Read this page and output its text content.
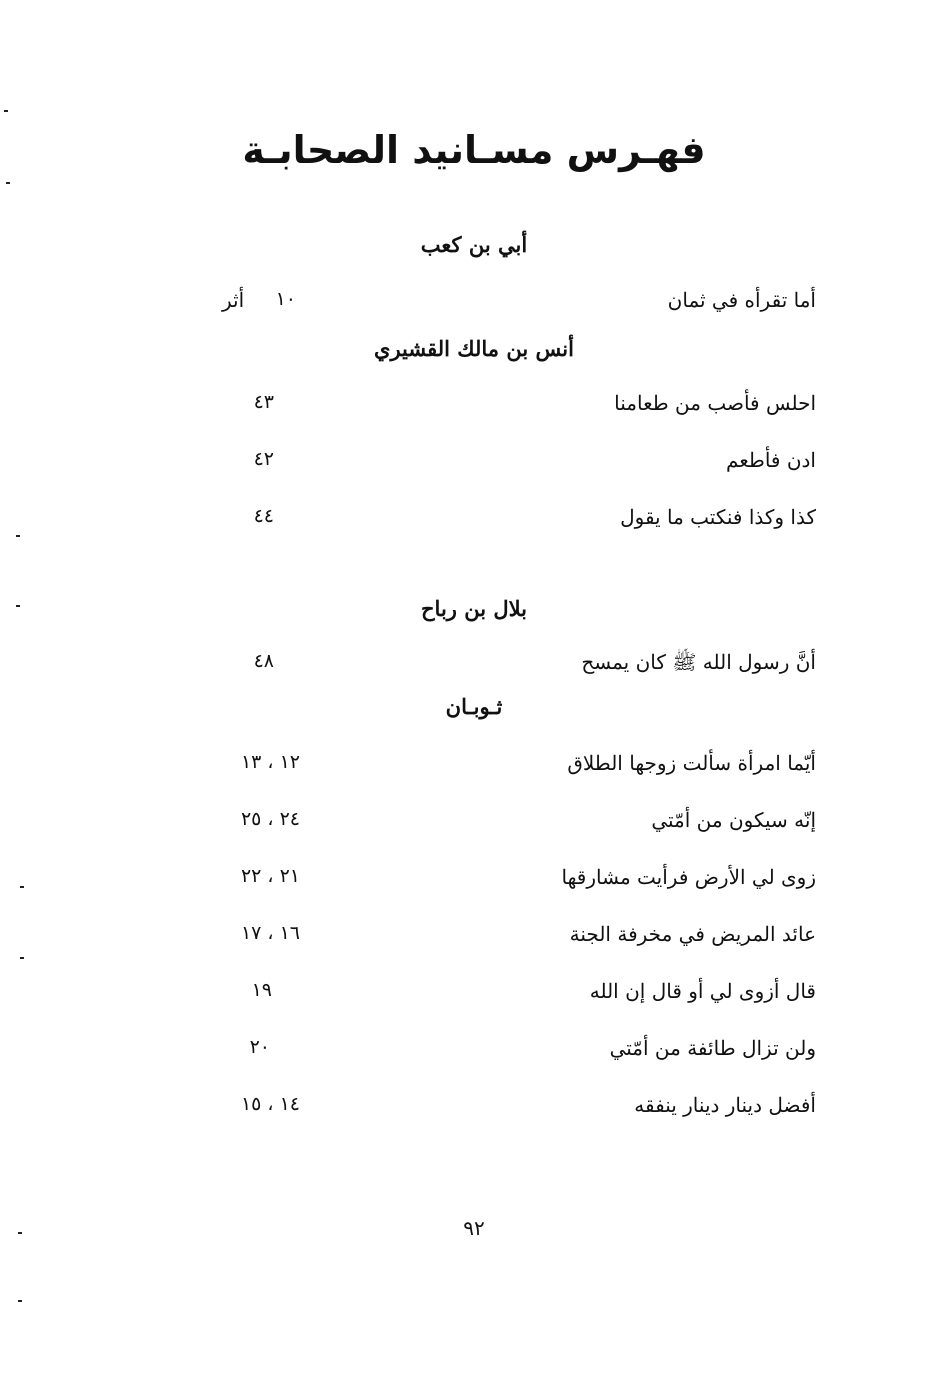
فهـرس مسـانيد الصحابـة
أبي بن كعب
أما تقرأه في ثمان
١٠
أثر
أنس بن مالك القشيري
احلس فأصب من طعامنا
٤٣
ادن فأطعم
٤٢
كذا وكذا فنكتب ما يقول
٤٤
بلال بن رباح
أنَّ رسول الله ﷺ كان يمسح
٤٨
ثـوبـان
أيّما امرأة سألت زوجها الطلاق
١٢ ، ١٣
إنّه سيكون من أمّتي
٢٤ ، ٢٥
زوى لي الأرض فرأيت مشارقها
٢١ ، ٢٢
عائد المريض في مخرفة الجنة
١٦ ، ١٧
قال أزوى لي أو قال إن الله
١٩
ولن تزال طائفة من أمّتي
٢٠
أفضل دينار دينار ينفقه
١٤ ، ١٥
٩٢
